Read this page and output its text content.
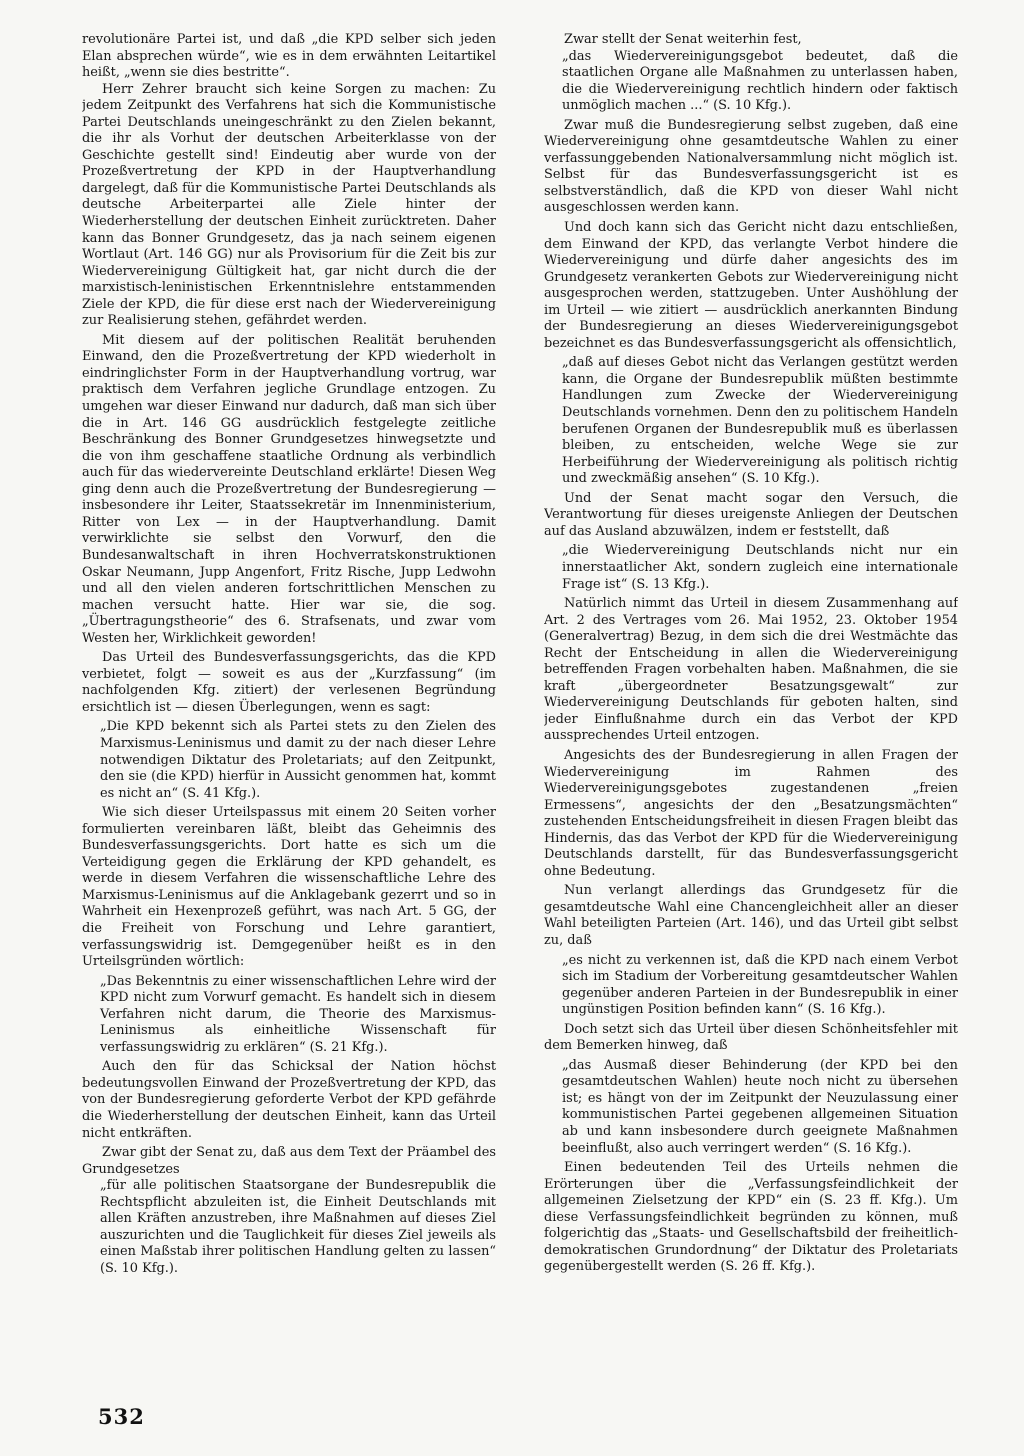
revolutionäre Partei ist, und daß „die KPD selber sich jeden Elan absprechen würde“, wie es in dem erwähnten Leitartikel heißt, „wenn sie dies bestritte“.

Herr Zehrer braucht sich keine Sorgen zu machen: Zu jedem Zeitpunkt des Verfahrens hat sich die Kommunistische Partei Deutschlands uneingeschränkt zu den Zielen bekannt, die ihr als Vorhut der deutschen Arbeiterklasse von der Geschichte gestellt sind! Eindeutig aber wurde von der Prozeßvertretung der KPD in der Hauptverhandlung dargelegt, daß für die Kommunistische Partei Deutschlands als deutsche Arbeiterpartei alle Ziele hinter der Wiederherstellung der deutschen Einheit zurücktreten. Daher kann das Bonner Grundgesetz, das ja nach seinem eigenen Wortlaut (Art. 146 GG) nur als Provisorium für die Zeit bis zur Wiedervereinigung Gültigkeit hat, gar nicht durch die der marxistisch-leninistischen Erkenntnislehre entstammenden Ziele der KPD, die für diese erst nach der Wiedervereinigung zur Realisierung stehen, gefährdet werden.

Mit diesem auf der politischen Realität beruhenden Einwand, den die Prozeßvertretung der KPD wiederholt in eindringlichster Form in der Hauptverhandlung vortrug, war praktisch dem Verfahren jegliche Grundlage entzogen. Zu umgehen war dieser Einwand nur dadurch, daß man sich über die in Art. 146 GG ausdrücklich festgelegte zeitliche Beschränkung des Bonner Grundgesetzes hinwegsetzte und die von ihm geschaffene staatliche Ordnung als verbindlich auch für das wiedervereinte Deutschland erklärte! Diesen Weg ging denn auch die Prozeßvertretung der Bundesregierung — insbesondere ihr Leiter, Staatssekretär im Innenministerium, Ritter von Lex — in der Hauptverhandlung. Damit verwirklichte sie selbst den Vorwurf, den die Bundesanwaltschaft in ihren Hochverratskonstruktionen Oskar Neumann, Jupp Angenfort, Fritz Rische, Jupp Ledwohn und all den vielen anderen fortschrittlichen Menschen zu machen versucht hatte. Hier war sie, die sog. „Übertragungstheorie“ des 6. Strafsenats, und zwar vom Westen her, Wirklichkeit geworden!

Das Urteil des Bundesverfassungsgerichts, das die KPD verbietet, folgt — soweit es aus der „Kurzfassung“ (im nachfolgenden Kfg. zitiert) der verlesenen Begründung ersichtlich ist — diesen Überlegungen, wenn es sagt:

„Die KPD bekennt sich als Partei stets zu den Zielen des Marxismus-Leninismus und damit zu der nach dieser Lehre notwendigen Diktatur des Proletariats; auf den Zeitpunkt, den sie (die KPD) hierfür in Aussicht genommen hat, kommt es nicht an“ (S. 41 Kfg.).

Wie sich dieser Urteilspassus mit einem 20 Seiten vorher formulierten vereinbaren läßt, bleibt das Geheimnis des Bundesverfassungsgerichts. Dort hatte es sich um die Verteidigung gegen die Erklärung der KPD gehandelt, es werde in diesem Verfahren die wissenschaftliche Lehre des Marxismus-Leninismus auf die Anklagebank gezerrt und so in Wahrheit ein Hexenprozeß geführt, was nach Art. 5 GG, der die Freiheit von Forschung und Lehre garantiert, verfassungswidrig ist. Demgegenüber heißt es in den Urteilsgründen wörtlich:

„Das Bekenntnis zu einer wissenschaftlichen Lehre wird der KPD nicht zum Vorwurf gemacht. Es handelt sich in diesem Verfahren nicht darum, die Theorie des Marxismus-Leninismus als einheitliche Wissenschaft für verfassungswidrig zu erklären“ (S. 21 Kfg.).

Auch den für das Schicksal der Nation höchst bedeutungsvollen Einwand der Prozeßvertretung der KPD, das von der Bundesregierung geforderte Verbot der KPD gefährde die Wiederherstellung der deutschen Einheit, kann das Urteil nicht entkräften.

Zwar gibt der Senat zu, daß aus dem Text der Präambel des Grundgesetzes

„für alle politischen Staatsorgane der Bundesrepublik die Rechtspflicht abzuleiten ist, die Einheit Deutschlands mit allen Kräften anzustreben, ihre Maßnahmen auf dieses Ziel auszurichten und die Tauglichkeit für dieses Ziel jeweils als einen Maßstab ihrer politischen Handlung gelten zu lassen“ (S. 10 Kfg.).

Zwar stellt der Senat weiterhin fest,

„das Wiedervereinigungsgebot bedeutet, daß die staatlichen Organe alle Maßnahmen zu unterlassen haben, die die Wiedervereinigung rechtlich hindern oder faktisch unmöglich machen ...“ (S. 10 Kfg.).

Zwar muß die Bundesregierung selbst zugeben, daß eine Wiedervereinigung ohne gesamtdeutsche Wahlen zu einer verfassunggebenden Nationalversammlung nicht möglich ist. Selbst für das Bundesverfassungsgericht ist es selbstverständlich, daß die KPD von dieser Wahl nicht ausgeschlossen werden kann.

Und doch kann sich das Gericht nicht dazu entschließen, dem Einwand der KPD, das verlangte Verbot hindere die Wiedervereinigung und dürfe daher angesichts des im Grundgesetz verankerten Gebots zur Wiedervereinigung nicht ausgesprochen werden, stattzugeben. Unter Aushöhlung der im Urteil — wie zitiert — ausdrücklich anerkannten Bindung der Bundesregierung an dieses Wiedervereinigungsgebot bezeichnet es das Bundesverfassungsgericht als offensichtlich,

„daß auf dieses Gebot nicht das Verlangen gestützt werden kann, die Organe der Bundesrepublik müßten bestimmte Handlungen zum Zwecke der Wiedervereinigung Deutschlands vornehmen. Denn den zu politischem Handeln berufenen Organen der Bundesrepublik muß es überlassen bleiben, zu entscheiden, welche Wege sie zur Herbeiführung der Wiedervereinigung als politisch richtig und zweckmäßig ansehen“ (S. 10 Kfg.).

Und der Senat macht sogar den Versuch, die Verantwortung für dieses ureigenste Anliegen der Deutschen auf das Ausland abzuwälzen, indem er feststellt, daß

„die Wiedervereinigung Deutschlands nicht nur ein innerstaatlicher Akt, sondern zugleich eine internationale Frage ist“ (S. 13 Kfg.).

Natürlich nimmt das Urteil in diesem Zusammenhang auf Art. 2 des Vertrages vom 26. Mai 1952, 23. Oktober 1954 (Generalvertrag) Bezug, in dem sich die drei Westmächte das Recht der Entscheidung in allen die Wiedervereinigung betreffenden Fragen vorbehalten haben. Maßnahmen, die sie kraft „übergeordneter Besatzungsgewalt“ zur Wiedervereinigung Deutschlands für geboten halten, sind jeder Einflußnahme durch ein das Verbot der KPD aussprechendes Urteil entzogen.

Angesichts des der Bundesregierung in allen Fragen der Wiedervereinigung im Rahmen des Wiedervereinigungsgebotes zugestandenen „freien Ermessens“, angesichts der den „Besatzungsmächten“ zustehenden Entscheidungsfreiheit in diesen Fragen bleibt das Hindernis, das das Verbot der KPD für die Wiedervereinigung Deutschlands darstellt, für das Bundesverfassungsgericht ohne Bedeutung.

Nun verlangt allerdings das Grundgesetz für die gesamtdeutsche Wahl eine Chancengleichheit aller an dieser Wahl beteiligten Parteien (Art. 146), und das Urteil gibt selbst zu, daß

„es nicht zu verkennen ist, daß die KPD nach einem Verbot sich im Stadium der Vorbereitung gesamtdeutscher Wahlen gegenüber anderen Parteien in der Bundesrepublik in einer ungünstigen Position befinden kann“ (S. 16 Kfg.).

Doch setzt sich das Urteil über diesen Schönheitsfehler mit dem Bemerken hinweg, daß

„das Ausmaß dieser Behinderung (der KPD bei den gesamtdeutschen Wahlen) heute noch nicht zu übersehen ist; es hängt von der im Zeitpunkt der Neuzulassung einer kommunistischen Partei gegebenen allgemeinen Situation ab und kann insbesondere durch geeignete Maßnahmen beeinflußt, also auch verringert werden“ (S. 16 Kfg.).

Einen bedeutenden Teil des Urteils nehmen die Erörterungen über die „Verfassungsfeindlichkeit der allgemeinen Zielsetzung der KPD“ ein (S. 23 ff. Kfg.). Um diese Verfassungsfeindlichkeit begründen zu können, muß folgerichtig das „Staats- und Gesellschaftsbild der freiheitlich-demokratischen Grundordnung“ der Diktatur des Proletariats gegenübergestellt werden (S. 26 ff. Kfg.).

532
